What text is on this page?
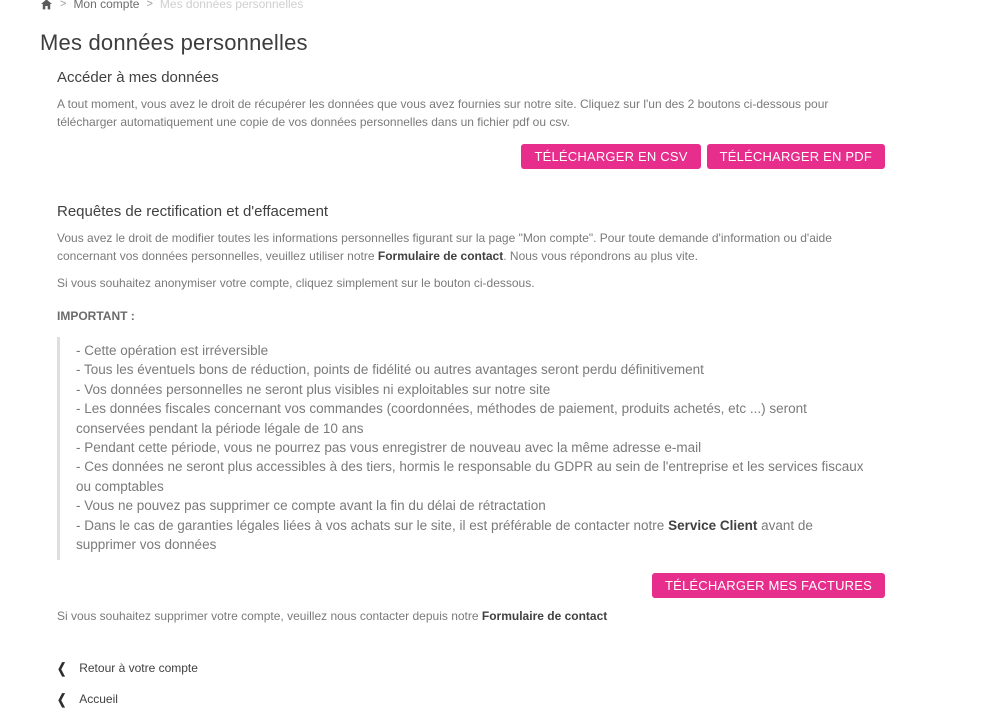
> Mon compte > Mes données personnelles
Mes données personnelles
Accéder à mes données

A tout moment, vous avez le droit de récupérer les données que vous avez fournies sur notre site. Cliquez sur l'un des 2 boutons ci-dessous pour télécharger automatiquement une copie de vos données personnelles dans un fichier pdf ou csv.

TÉLÉCHARGER EN CSV	TÉLÉCHARGER EN PDF
Requêtes de rectification et d'effacement

Vous avez le droit de modifier toutes les informations personnelles figurant sur la page "Mon compte". Pour toute demande d'information ou d'aide concernant vos données personnelles, veuillez utiliser notre Formulaire de contact. Nous vous répondrons au plus vite.

Si vous souhaitez anonymiser votre compte, cliquez simplement sur le bouton ci-dessous.

IMPORTANT :

- Cette opération est irréversible
- Tous les éventuels bons de réduction, points de fidélité ou autres avantages seront perdu définitivement
- Vos données personnelles ne seront plus visibles ni exploitables sur notre site
- Les données fiscales concernant vos commandes (coordonnées, méthodes de paiement, produits achetés, etc ...) seront conservées pendant la période légale de 10 ans
- Pendant cette période, vous ne pourrez pas vous enregistrer de nouveau avec la même adresse e-mail
- Ces données ne seront plus accessibles à des tiers, hormis le responsable du GDPR au sein de l'entreprise et les services fiscaux ou comptables
- Vous ne pouvez pas supprimer ce compte avant la fin du délai de rétractation
- Dans le cas de garanties légales liées à vos achats sur le site, il est préférable de contacter notre Service Client avant de supprimer vos données
TÉLÉCHARGER MES FACTURES

Si vous souhaitez supprimer votre compte, veuillez nous contacter depuis notre Formulaire de contact

❮ Retour à votre compte
❮ Accueil
